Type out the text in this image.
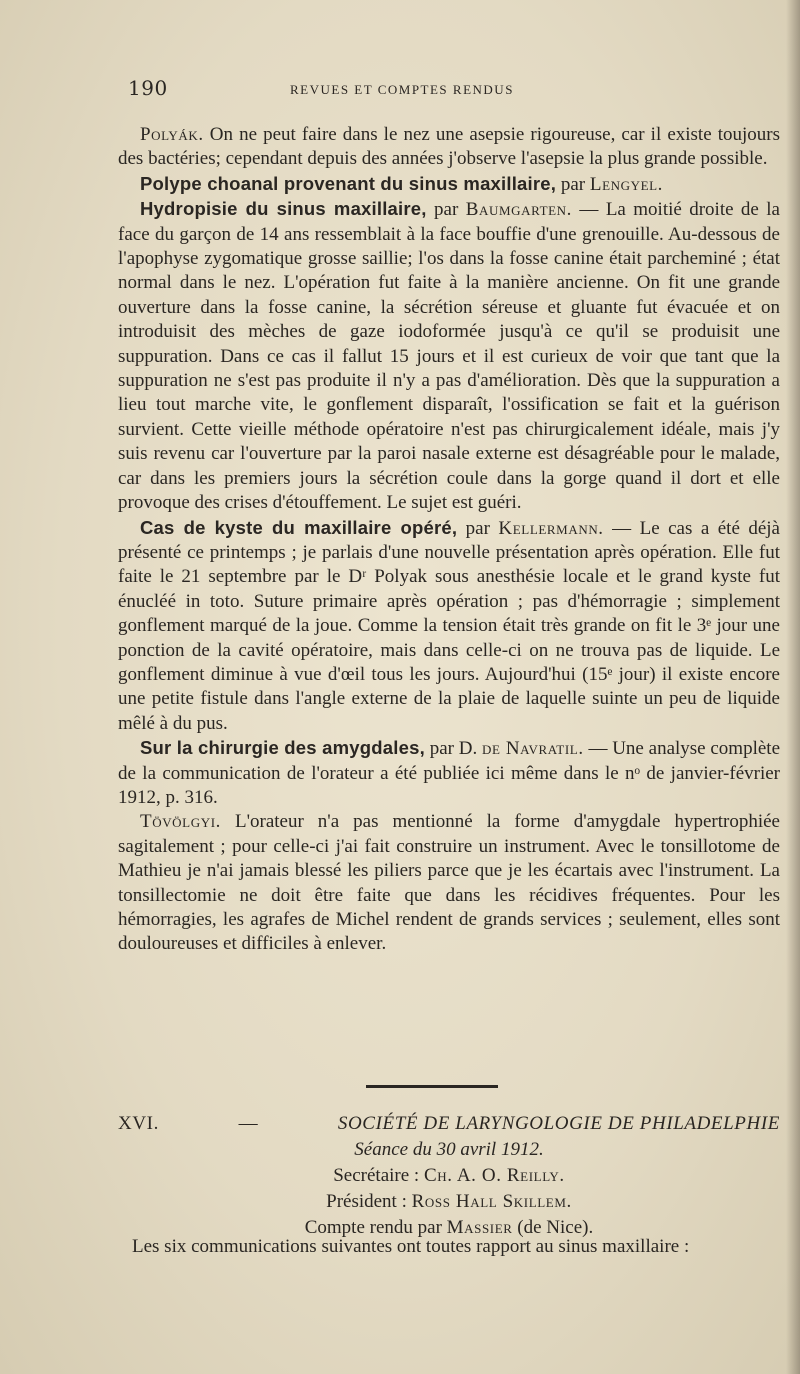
190	REVUES ET COMPTES RENDUS

Polyák. On ne peut faire dans le nez une asepsie rigoureuse, car il existe toujours des bactéries; cependant depuis des années j'observe l'asepsie la plus grande possible.

Polype choanal provenant du sinus maxillaire, par Lengyel.

Hydropisie du sinus maxillaire, par Baumgarten. — La moitié droite de la face du garçon de 14 ans ressemblait à la face bouffie d'une grenouille. Au-dessous de l'apophyse zygomatique grosse saillie; l'os dans la fosse canine était parcheminé ; état normal dans le nez. L'opération fut faite à la manière ancienne. On fit une grande ouverture dans la fosse canine, la sécrétion séreuse et gluante fut évacuée et on introduisit des mèches de gaze iodoformée jusqu'à ce qu'il se produisit une suppuration. Dans ce cas il fallut 15 jours et il est curieux de voir que tant que la suppuration ne s'est pas produite il n'y a pas d'amélioration. Dès que la suppuration a lieu tout marche vite, le gonflement disparaît, l'ossification se fait et la guérison survient. Cette vieille méthode opératoire n'est pas chirurgicalement idéale, mais j'y suis revenu car l'ouverture par la paroi nasale externe est désagréable pour le malade, car dans les premiers jours la sécrétion coule dans la gorge quand il dort et elle provoque des crises d'étouffement. Le sujet est guéri.

Cas de kyste du maxillaire opéré, par Kellermann. — Le cas a été déjà présenté ce printemps ; je parlais d'une nouvelle présentation après opération. Elle fut faite le 21 septembre par le Dʳ Polyak sous anesthésie locale et le grand kyste fut énucléé in toto. Suture primaire après opération ; pas d'hémorragie ; simplement gonflement marqué de la joue. Comme la tension était très grande on fit le 3ᵉ jour une ponction de la cavité opératoire, mais dans celle-ci on ne trouva pas de liquide. Le gonflement diminue à vue d'œil tous les jours. Aujourd'hui (15ᵉ jour) il existe encore une petite fistule dans l'angle externe de la plaie de laquelle suinte un peu de liquide mêlé à du pus.

Sur la chirurgie des amygdales, par D. de Navratil. — Une analyse complète de la communication de l'orateur a été publiée ici même dans le nᵒ de janvier-février 1912, p. 316.

Tövölgyi. L'orateur n'a pas mentionné la forme d'amygdale hypertrophiée sagitalement ; pour celle-ci j'ai fait construire un instrument. Avec le tonsillotome de Mathieu je n'ai jamais blessé les piliers parce que je les écartais avec l'instrument. La tonsillectomie ne doit être faite que dans les récidives fréquentes. Pour les hémorragies, les agrafes de Michel rendent de grands services ; seulement, elles sont douloureuses et difficiles à enlever.

XVI.	—	SOCIÉTÉ DE LARYNGOLOGIE DE PHILADELPHIE
Séance du 30 avril 1912.
Secrétaire : Ch. A. O. Reilly.
Président : Ross Hall Skillem.
Compte rendu par Massier (de Nice).

Les six communications suivantes ont toutes rapport au sinus maxillaire :
